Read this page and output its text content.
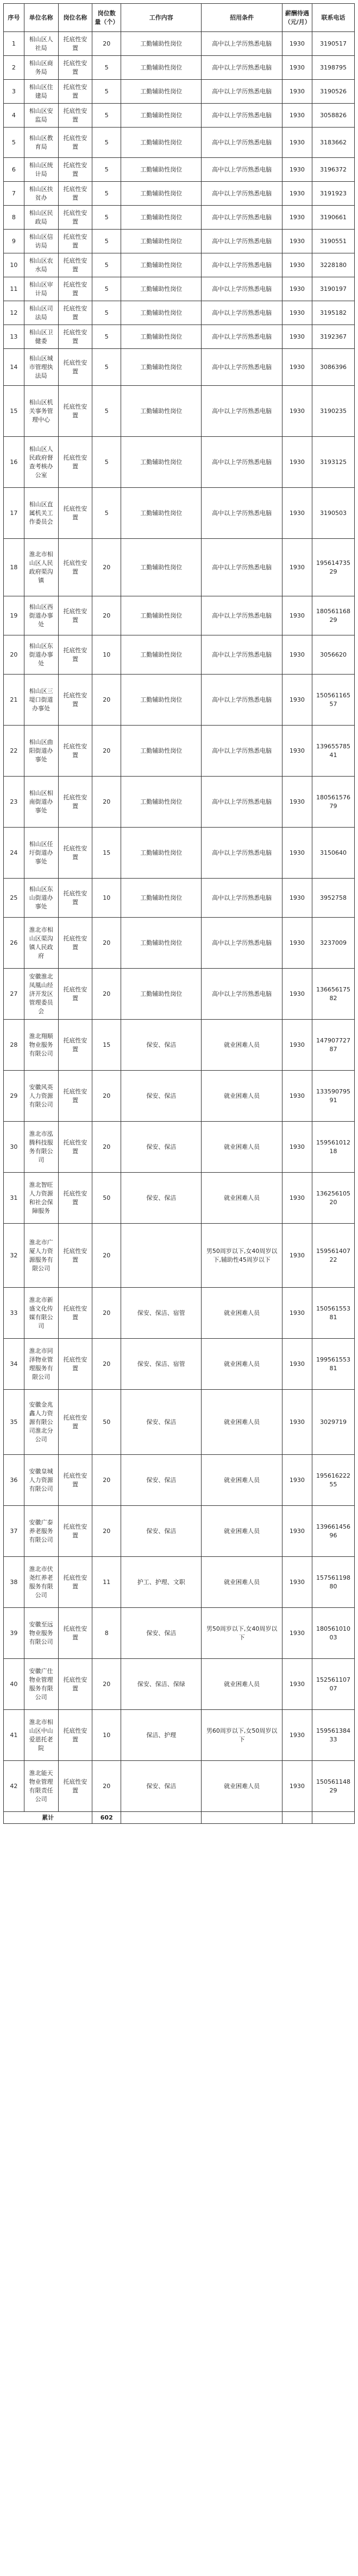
序号	单位名称	岗位名称	岗位数量（个）	工作内容	招用条件	薪酬待遇（元/月）	联系电话
1	相山区人社局	托底性安置	20	工勤辅助性岗位	高中以上学历熟悉电脑	1930	3190517
2	相山区商务局	托底性安置	5	工勤辅助性岗位	高中以上学历熟悉电脑	1930	3198795
3	相山区住建局	托底性安置	5	工勤辅助性岗位	高中以上学历熟悉电脑	1930	3190526
4	相山区安监局	托底性安置	5	工勤辅助性岗位	高中以上学历熟悉电脑	1930	3058826
5	相山区教育局	托底性安置	5	工勤辅助性岗位	高中以上学历熟悉电脑	1930	3183662
6	相山区统计局	托底性安置	5	工勤辅助性岗位	高中以上学历熟悉电脑	1930	3196372
7	相山区扶贫办	托底性安置	5	工勤辅助性岗位	高中以上学历熟悉电脑	1930	3191923
8	相山区民政局	托底性安置	5	工勤辅助性岗位	高中以上学历熟悉电脑	1930	3190661
9	相山区信访局	托底性安置	5	工勤辅助性岗位	高中以上学历熟悉电脑	1930	3190551
10	相山区农水局	托底性安置	5	工勤辅助性岗位	高中以上学历熟悉电脑	1930	3228180
11	相山区审计局	托底性安置	5	工勤辅助性岗位	高中以上学历熟悉电脑	1930	3190197
12	相山区司法局	托底性安置	5	工勤辅助性岗位	高中以上学历熟悉电脑	1930	3195182
13	相山区卫健委	托底性安置	5	工勤辅助性岗位	高中以上学历熟悉电脑	1930	3192367
14	相山区城市管理执法局	托底性安置	5	工勤辅助性岗位	高中以上学历熟悉电脑	1930	3086396
15	相山区机关事务管理中心	托底性安置	5	工勤辅助性岗位	高中以上学历熟悉电脑	1930	3190235
16	相山区人民政府督查考核办公室	托底性安置	5	工勤辅助性岗位	高中以上学历熟悉电脑	1930	3193125
17	相山区直属机关工作委员会	托底性安置	5	工勤辅助性岗位	高中以上学历熟悉电脑	1930	3190503
18	淮北市相山区人民政府渠沟镇	托底性安置	20	工勤辅助性岗位	高中以上学历熟悉电脑	1930	19561473529
19	相山区西街道办事处	托底性安置	20	工勤辅助性岗位	高中以上学历熟悉电脑	1930	18056116829
20	相山区东街道办事处	托底性安置	10	工勤辅助性岗位	高中以上学历熟悉电脑	1930	3056620
21	相山区三堤口街道办事处	托底性安置	20	工勤辅助性岗位	高中以上学历熟悉电脑	1930	15056116557
22	相山区曲阳街道办事处	托底性安置	20	工勤辅助性岗位	高中以上学历熟悉电脑	1930	13965578541
23	相山区相南街道办事处	托底性安置	20	工勤辅助性岗位	高中以上学历熟悉电脑	1930	18056157679
24	相山区任圩街道办事处	托底性安置	15	工勤辅助性岗位	高中以上学历熟悉电脑	1930	3150640
25	相山区东山街道办事处	托底性安置	10	工勤辅助性岗位	高中以上学历熟悉电脑	1930	3952758
26	淮北市相山区渠沟镇人民政府	托底性安置	20	工勤辅助性岗位	高中以上学历熟悉电脑	1930	3237009
27	安徽淮北凤凰山经济开发区管理委员会	托底性安置	20	工勤辅助性岗位	高中以上学历熟悉电脑	1930	13665617582
28	淮北翔顺物业服务有限公司	托底性安置	15	保安、保洁	就业困难人员	1930	14790772787
29	安徽风英人力资源有限公司	托底性安置	20	保安、保洁	就业困难人员	1930	13359079591
30	淮北市泓腾科技服务有限公司	托底性安置	20	保安、保洁	就业困难人员	1930	15956101218
31	淮北智旺人力资源和社会保障服务	托底性安置	50	保安、保洁	就业困难人员	1930	13625610520
32	淮北市广厦人力资源服务有限公司	托底性安置	20		男50周岁以下,女40周岁以下,辅助性45周岁以下	1930	15956140722
33	淮北市新盛文化传媒有限公司	托底性安置	20	保安、保洁、宿管	就业困难人员	1930	15056155381
34	淮北市同泽物业管理服务有限公司	托底性安置	20	保安、保洁、宿管	就业困难人员	1930	19956155381
35	安徽金兆鑫人力资源有限公司淮北分公司	托底性安置	50	保安、保洁	就业困难人员	1930	3029719
36	安徽皇城人力资源有限公司	托底性安置	20	保安、保洁	就业困难人员	1930	19561622255
37	安徽广泰养老服务有限公司	托底性安置	20	保安、保洁	就业困难人员	1930	13966145696
38	淮北市伏尧红养老服务有限公司	托底性安置	11	护工、护理、文职	就业困难人员	1930	15756119880
39	安徽至远物业服务有限公司	托底性安置	8	保安、保洁	男50周岁以下,女40周岁以下	1930	18056101003
40	安徽广仕物业管理服务有限公司	托底性安置	20	保安、保洁、保绿	就业困难人员	1930	15256110707
41	淮北市相山区中山爱恩托老院	托底性安置	10	保洁、护理	男60周岁以下,女50周岁以下	1930	15956138433
42	淮北能天物业管理有限责任公司	托底性安置	20	保安、保洁	就业困难人员	1930	15056114829
累计			602				
